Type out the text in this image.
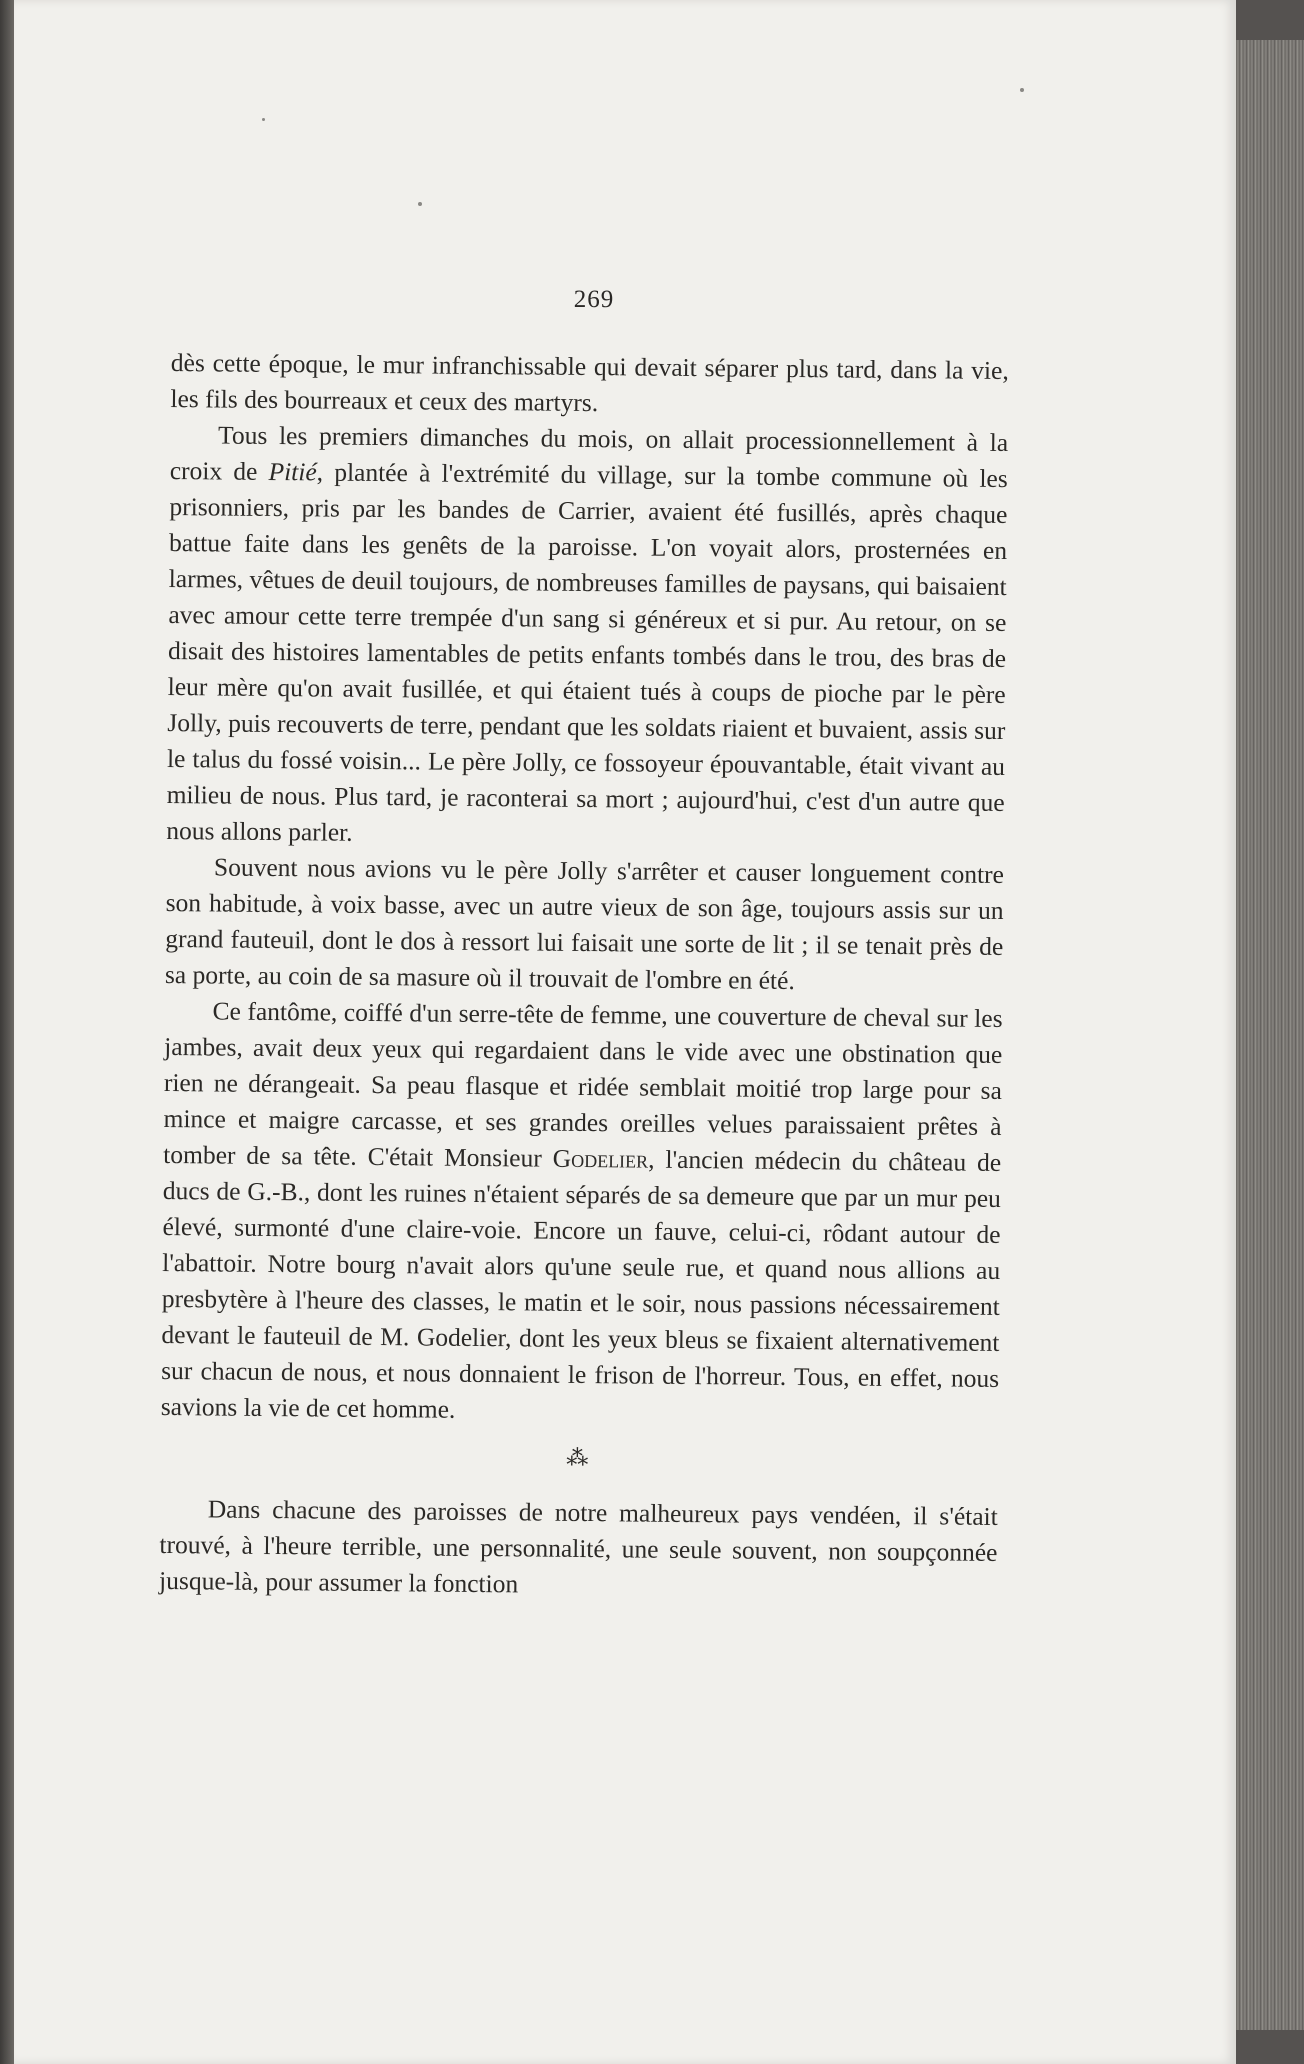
269

dès cette époque, le mur infranchissable qui devait séparer plus tard, dans la vie, les fils des bourreaux et ceux des martyrs.

Tous les premiers dimanches du mois, on allait processionnellement à la croix de Pitié, plantée à l'extrémité du village, sur la tombe commune où les prisonniers, pris par les bandes de Carrier, avaient été fusillés, après chaque battue faite dans les genêts de la paroisse. L'on voyait alors, prosternées en larmes, vêtues de deuil toujours, de nombreuses familles de paysans, qui baisaient avec amour cette terre trempée d'un sang si généreux et si pur. Au retour, on se disait des histoires lamentables de petits enfants tombés dans le trou, des bras de leur mère qu'on avait fusillée, et qui étaient tués à coups de pioche par le père Jolly, puis recouverts de terre, pendant que les soldats riaient et buvaient, assis sur le talus du fossé voisin... Le père Jolly, ce fossoyeur épouvantable, était vivant au milieu de nous. Plus tard, je raconterai sa mort ; aujourd'hui, c'est d'un autre que nous allons parler.

Souvent nous avions vu le père Jolly s'arrêter et causer longuement contre son habitude, à voix basse, avec un autre vieux de son âge, toujours assis sur un grand fauteuil, dont le dos à ressort lui faisait une sorte de lit ; il se tenait près de sa porte, au coin de sa masure où il trouvait de l'ombre en été.

Ce fantôme, coiffé d'un serre-tête de femme, une couverture de cheval sur les jambes, avait deux yeux qui regardaient dans le vide avec une obstination que rien ne dérangeait. Sa peau flasque et ridée semblait moitié trop large pour sa mince et maigre carcasse, et ses grandes oreilles velues paraissaient prêtes à tomber de sa tête. C'était Monsieur Godelier, l'ancien médecin du château de ducs de G.-B., dont les ruines n'étaient séparés de sa demeure que par un mur peu élevé, surmonté d'une claire-voie. Encore un fauve, celui-ci, rôdant autour de l'abattoir. Notre bourg n'avait alors qu'une seule rue, et quand nous allions au presbytère à l'heure des classes, le matin et le soir, nous passions nécessairement devant le fauteuil de M. Godelier, dont les yeux bleus se fixaient alternativement sur chacun de nous, et nous donnaient le frison de l'horreur. Tous, en effet, nous savions la vie de cet homme.

⁂

Dans chacune des paroisses de notre malheureux pays vendéen, il s'était trouvé, à l'heure terrible, une personnalité, une seule souvent, non soupçonnée jusque-là, pour assumer la fonction
